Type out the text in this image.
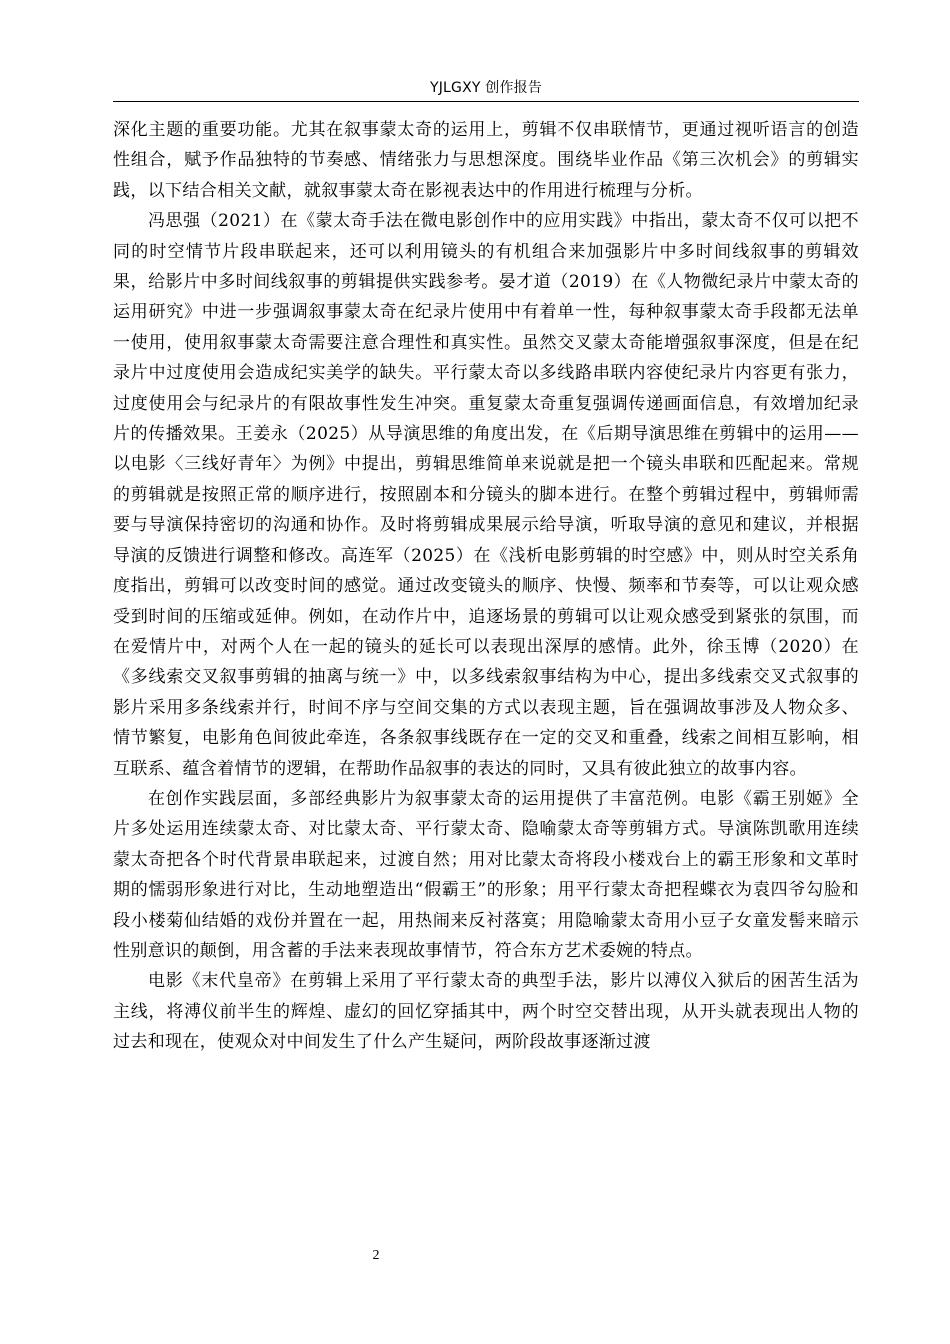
YJLGXY 创作报告

深化主题的重要功能。尤其在叙事蒙太奇的运用上，剪辑不仅串联情节，更通过视听语言的创造性组合，赋予作品独特的节奏感、情绪张力与思想深度。围绕毕业作品《第三次机会》的剪辑实践，以下结合相关文献，就叙事蒙太奇在影视表达中的作用进行梳理与分析。

冯思强（2021）在《蒙太奇手法在微电影创作中的应用实践》中指出，蒙太奇不仅可以把不同的时空情节片段串联起来，还可以利用镜头的有机组合来加强影片中多时间线叙事的剪辑效果，给影片中多时间线叙事的剪辑提供实践参考。晏才道（2019）在《人物微纪录片中蒙太奇的运用研究》中进一步强调叙事蒙太奇在纪录片使用中有着单一性，每种叙事蒙太奇手段都无法单一使用，使用叙事蒙太奇需要注意合理性和真实性。虽然交叉蒙太奇能增强叙事深度，但是在纪录片中过度使用会造成纪实美学的缺失。平行蒙太奇以多线路串联内容使纪录片内容更有张力，过度使用会与纪录片的有限故事性发生冲突。重复蒙太奇重复强调传递画面信息，有效增加纪录片的传播效果。王姜永（2025）从导演思维的角度出发，在《后期导演思维在剪辑中的运用——以电影〈三线好青年〉为例》中提出，剪辑思维简单来说就是把一个镜头串联和匹配起来。常规的剪辑就是按照正常的顺序进行，按照剧本和分镜头的脚本进行。在整个剪辑过程中，剪辑师需要与导演保持密切的沟通和协作。及时将剪辑成果展示给导演，听取导演的意见和建议，并根据导演的反馈进行调整和修改。高连军（2025）在《浅析电影剪辑的时空感》中，则从时空关系角度指出，剪辑可以改变时间的感觉。通过改变镜头的顺序、快慢、频率和节奏等，可以让观众感受到时间的压缩或延伸。例如，在动作片中，追逐场景的剪辑可以让观众感受到紧张的氛围，而在爱情片中，对两个人在一起的镜头的延长可以表现出深厚的感情。此外，徐玉博（2020）在《多线索交叉叙事剪辑的抽离与统一》中，以多线索叙事结构为中心，提出多线索交叉式叙事的影片采用多条线索并行，时间不序与空间交集的方式以表现主题，旨在强调故事涉及人物众多、情节繁复，电影角色间彼此牵连，各条叙事线既存在一定的交叉和重叠，线索之间相互影响，相互联系、蕴含着情节的逻辑，在帮助作品叙事的表达的同时，又具有彼此独立的故事内容。

在创作实践层面，多部经典影片为叙事蒙太奇的运用提供了丰富范例。电影《霸王别姬》全片多处运用连续蒙太奇、对比蒙太奇、平行蒙太奇、隐喻蒙太奇等剪辑方式。导演陈凯歌用连续蒙太奇把各个时代背景串联起来，过渡自然；用对比蒙太奇将段小楼戏台上的霸王形象和文革时期的懦弱形象进行对比，生动地塑造出“假霸王”的形象；用平行蒙太奇把程蝶衣为袁四爷勾脸和段小楼菊仙结婚的戏份并置在一起，用热闹来反衬落寞；用隐喻蒙太奇用小豆子女童发髻来暗示性别意识的颠倒，用含蓄的手法来表现故事情节，符合东方艺术委婉的特点。

电影《末代皇帝》在剪辑上采用了平行蒙太奇的典型手法，影片以溥仪入狱后的困苦生活为主线，将溥仪前半生的辉煌、虚幻的回忆穿插其中，两个时空交替出现，从开头就表现出人物的过去和现在，使观众对中间发生了什么产生疑问，两阶段故事逐渐过渡

2
